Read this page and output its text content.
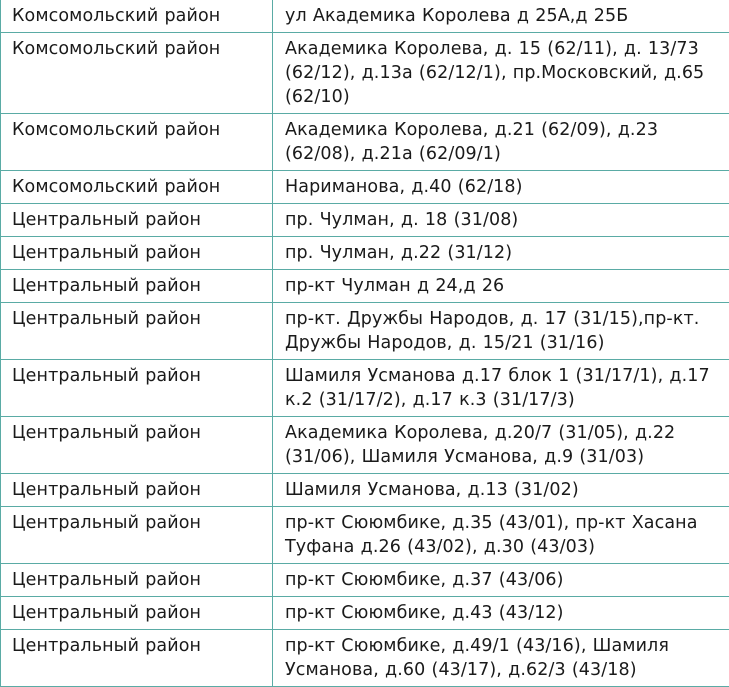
Комсомольский район	ул Академика Королева д 25А,д 25Б
Комсомольский район	Академика Королева, д. 15 (62/11), д. 13/73 (62/12), д.13а (62/12/1), пр.Московский, д.65 (62/10)
Комсомольский район	Академика Королева, д.21 (62/09), д.23 (62/08), д.21а (62/09/1)
Комсомольский район	Нариманова, д.40 (62/18)
Центральный район	пр. Чулман, д. 18 (31/08)
Центральный район	пр. Чулман, д.22 (31/12)
Центральный район	пр-кт Чулман д 24,д 26
Центральный район	пр-кт. Дружбы Народов, д. 17 (31/15),пр-кт. Дружбы Народов, д. 15/21 (31/16)
Центральный район	Шамиля Усманова д.17 блок 1 (31/17/1), д.17 к.2 (31/17/2), д.17 к.3 (31/17/3)
Центральный район	Академика Королева, д.20/7 (31/05), д.22 (31/06), Шамиля Усманова, д.9 (31/03)
Центральный район	Шамиля Усманова, д.13 (31/02)
Центральный район	пр-кт Сююмбике, д.35 (43/01), пр-кт Хасана Туфана д.26 (43/02), д.30 (43/03)
Центральный район	пр-кт Сююмбике, д.37 (43/06)
Центральный район	пр-кт Сююмбике, д.43 (43/12)
Центральный район	пр-кт Сююмбике, д.49/1 (43/16), Шамиля Усманова, д.60 (43/17), д.62/3 (43/18)
